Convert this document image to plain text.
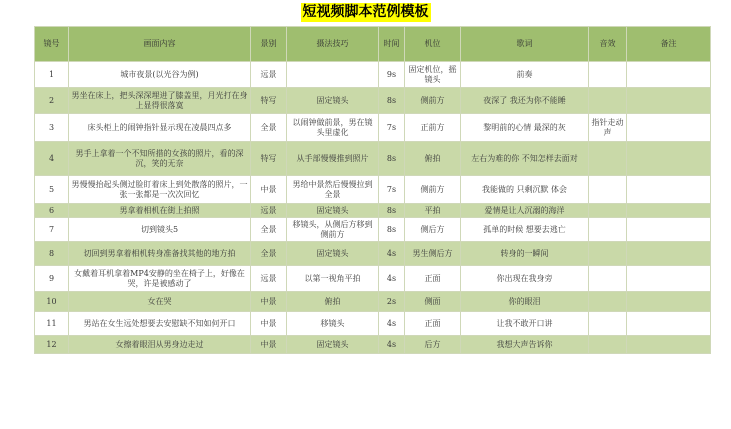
短视频脚本范例模板
镜号	画面内容	景别	摄法技巧	时间	机位	歌词	音效	备注
1	城市夜景(以光谷为例)	远景		9s	固定机位，摇镜头	前奏		
2	男坐在床上，把头深深埋进了膝盖里，月光打在身上显得很落寞	特写	固定镜头	8s	侧前方	夜深了 我还为你不能睡		
3	床头柜上的闹钟指针显示现在凌晨四点多	全景	以闹钟做前景，男在镜头里虚化	7s	正前方	黎明前的心情 最深的灰	指针走动声	
4	男手上拿着一个不知所措的女孩的照片，看的深沉，笑的无奈	特写	从手部慢慢推到照片	8s	俯拍	左右为难的你 不知怎样去面对		
5	男慢慢抬起头侧过脸盯着床上到处散落的照片，一张一张都是一次次回忆	中景	男给中景然后慢慢拉到全景	7s	侧前方	我能做的 只剩沉默 体会		
6	男拿着相机在街上拍照	远景	固定镜头	8s	平拍	爱情是让人沉溺的海洋		
7	切到镜头5	全景	移镜头，从侧后方移到侧前方	8s	侧后方	孤单的时候 想要去逃亡		
8	切回到男拿着相机转身准备找其他的地方拍	全景	固定镜头	4s	男生侧后方	转身的一瞬间		
9	女戴着耳机拿着MP4安静的坐在椅子上，好像在哭，许是被感动了	远景	以第一视角平拍	4s	正面	你出现在我身旁		
10	女在哭	中景	俯拍	2s	侧面	你的眼泪		
11	男站在女生远处想要去安慰缺不知如何开口	中景	移镜头	4s	正面	让我不敢开口讲		
12	女擦着眼泪从男身边走过	中景	固定镜头	4s	后方	我想大声告诉你		
